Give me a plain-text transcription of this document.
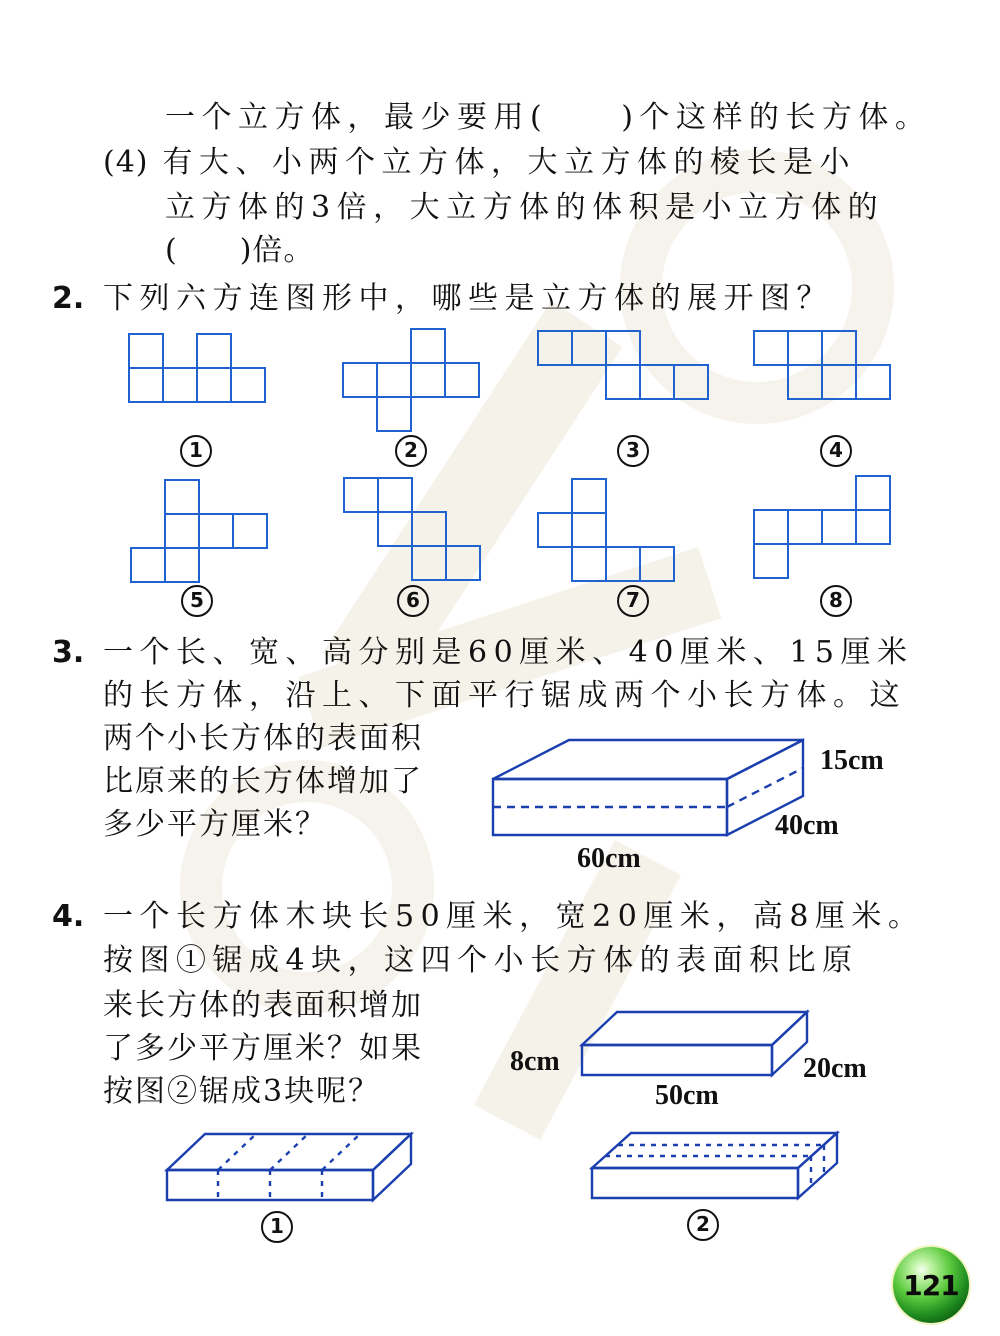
一个立方体，最少要用(　　)个这样的长方体。
(4) 有大、小两个立方体，大立方体的棱长是小
立方体的3倍，大立方体的体积是小立方体的
(　　)倍。
2. 下列六方连图形中，哪些是立方体的展开图？
1	2	3	4
5	6	7	8
3. 一个长、宽、高分别是60厘米、40厘米、15厘米
的长方体，沿上、下面平行锯成两个小长方体。这
两个小长方体的表面积
比原来的长方体增加了
多少平方厘米？
15cm
40cm
60cm
4. 一个长方体木块长50厘米，宽20厘米，高8厘米。
按图①锯成4块，这四个小长方体的表面积比原
来长方体的表面积增加
了多少平方厘米？如果
按图②锯成3块呢？
8cm	20cm
50cm
1	2
121
